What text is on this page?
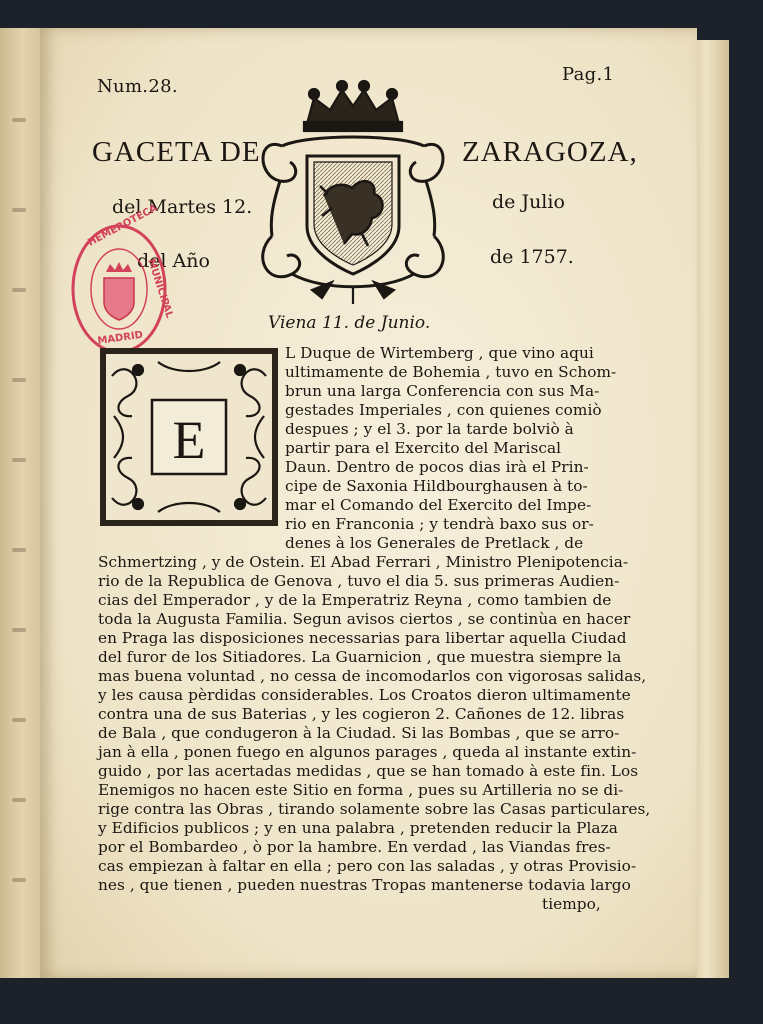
Num.28.
Pag.1
GACETA DE	ZARAGOZA,
del Martes 12.	de Julio
del Año	de 1757.
HEMEROTECA
MUNICIPAL
MADRID
Viena 11. de Junio.
E
L Duque de Wirtemberg , que vino aqui
ultimamente de Bohemia , tuvo en Schom-
brun una larga Conferencia con sus Ma-
gestades Imperiales , con quienes comiò
despues ; y el 3. por la tarde bolviò à
partir para el Exercito del Mariscal
Daun. Dentro de pocos dias irà el Prin-
cipe de Saxonia Hildbourghausen à to-
mar el Comando del Exercito del Impe-
rio en Franconia ; y tendrà baxo sus or-
denes à los Generales de Pretlack , de
Schmertzing , y de Ostein. El Abad Ferrari , Ministro Plenipotencia-
rio de la Republica de Genova , tuvo el dia 5. sus primeras Audien-
cias del Emperador , y de la Emperatriz Reyna , como tambien de
toda la Augusta Familia. Segun avisos ciertos , se continùa en hacer
en Praga las disposiciones necessarias para libertar aquella Ciudad
del furor de los Sitiadores. La Guarnicion , que muestra siempre la
mas buena voluntad , no cessa de incomodarlos con vigorosas salidas,
y les causa pèrdidas considerables. Los Croatos dieron ultimamente
contra una de sus Baterias , y les cogieron 2. Cañones de 12. libras
de Bala , que condugeron à la Ciudad. Si las Bombas , que se arro-
jan à ella , ponen fuego en algunos parages , queda al instante extin-
guido , por las acertadas medidas , que se han tomado à este fin. Los
Enemigos no hacen este Sitio en forma , pues su Artilleria no se di-
rige contra las Obras , tirando solamente sobre las Casas particulares,
y Edificios publicos ; y en una palabra , pretenden reducir la Plaza
por el Bombardeo , ò por la hambre. En verdad , las Viandas fres-
cas empiezan à faltar en ella ; pero con las saladas , y otras Provisio-
nes , que tienen , pueden nuestras Tropas mantenerse todavia largo
tiempo,
